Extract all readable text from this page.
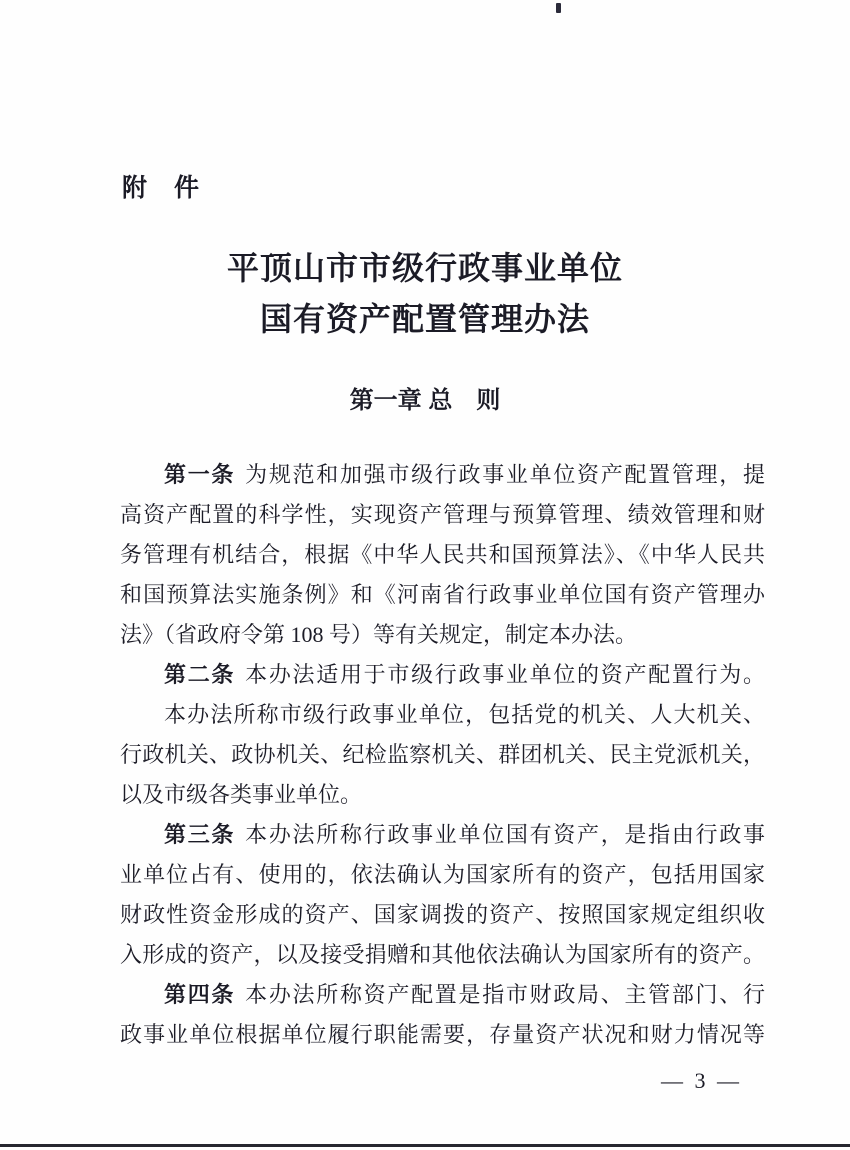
附　件
平顶山市市级行政事业单位
国有资产配置管理办法
第一章 总　则
第一条 为规范和加强市级行政事业单位资产配置管理，提
高资产配置的科学性，实现资产管理与预算管理、绩效管理和财
务管理有机结合，根据《中华人民共和国预算法》、《中华人民共
和国预算法实施条例》和《河南省行政事业单位国有资产管理办
法》（省政府令第 108 号）等有关规定，制定本办法。
第二条 本办法适用于市级行政事业单位的资产配置行为。
本办法所称市级行政事业单位，包括党的机关、人大机关、
行政机关、政协机关、纪检监察机关、群团机关、民主党派机关，
以及市级各类事业单位。
第三条 本办法所称行政事业单位国有资产，是指由行政事
业单位占有、使用的，依法确认为国家所有的资产，包括用国家
财政性资金形成的资产、国家调拨的资产、按照国家规定组织收
入形成的资产，以及接受捐赠和其他依法确认为国家所有的资产。
第四条 本办法所称资产配置是指市财政局、主管部门、行
政事业单位根据单位履行职能需要，存量资产状况和财力情况等
— 3 —
